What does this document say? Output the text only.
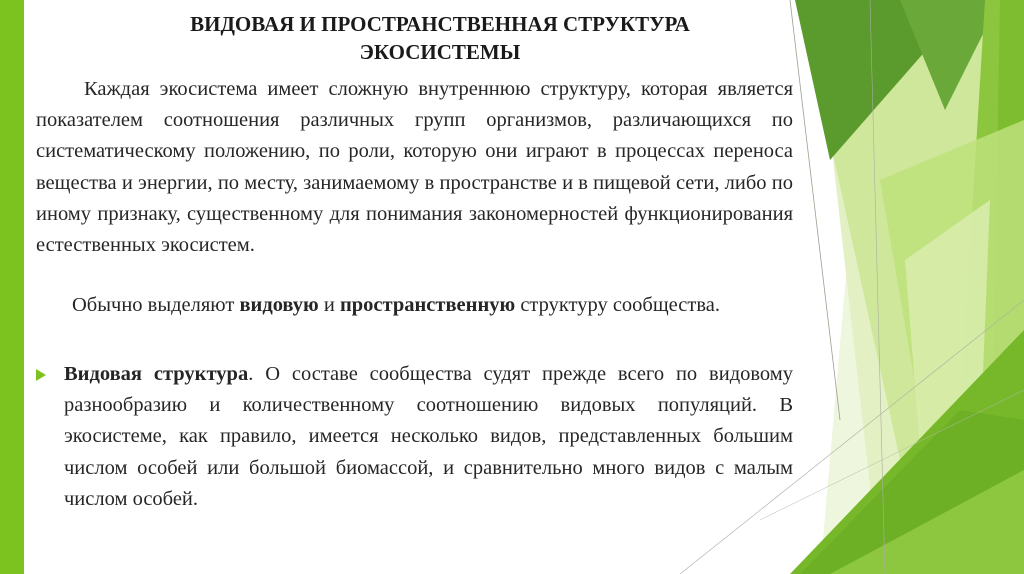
ВИДОВАЯ И ПРОСТРАНСТВЕННАЯ СТРУКТУРА
ЭКОСИСТЕМЫ

Каждая экосистема имеет сложную внутреннюю структуру, которая является показателем соотношения различных групп организмов, различающихся по систематическому положению, по роли, которую они играют в процессах переноса вещества и энергии, по месту, занимаемому в пространстве и в пищевой сети, либо по иному признаку, существенному для понимания закономерностей функционирования естественных экосистем.

Обычно выделяют видовую и пространственную структуру сообщества.

Видовая структура. О составе сообщества судят прежде всего по видовому разнообразию и количественному соотношению видовых популяций. В экосистеме, как правило, имеется несколько видов, представленных большим числом особей или большой биомассой, и сравнительно много видов с малым числом особей.
